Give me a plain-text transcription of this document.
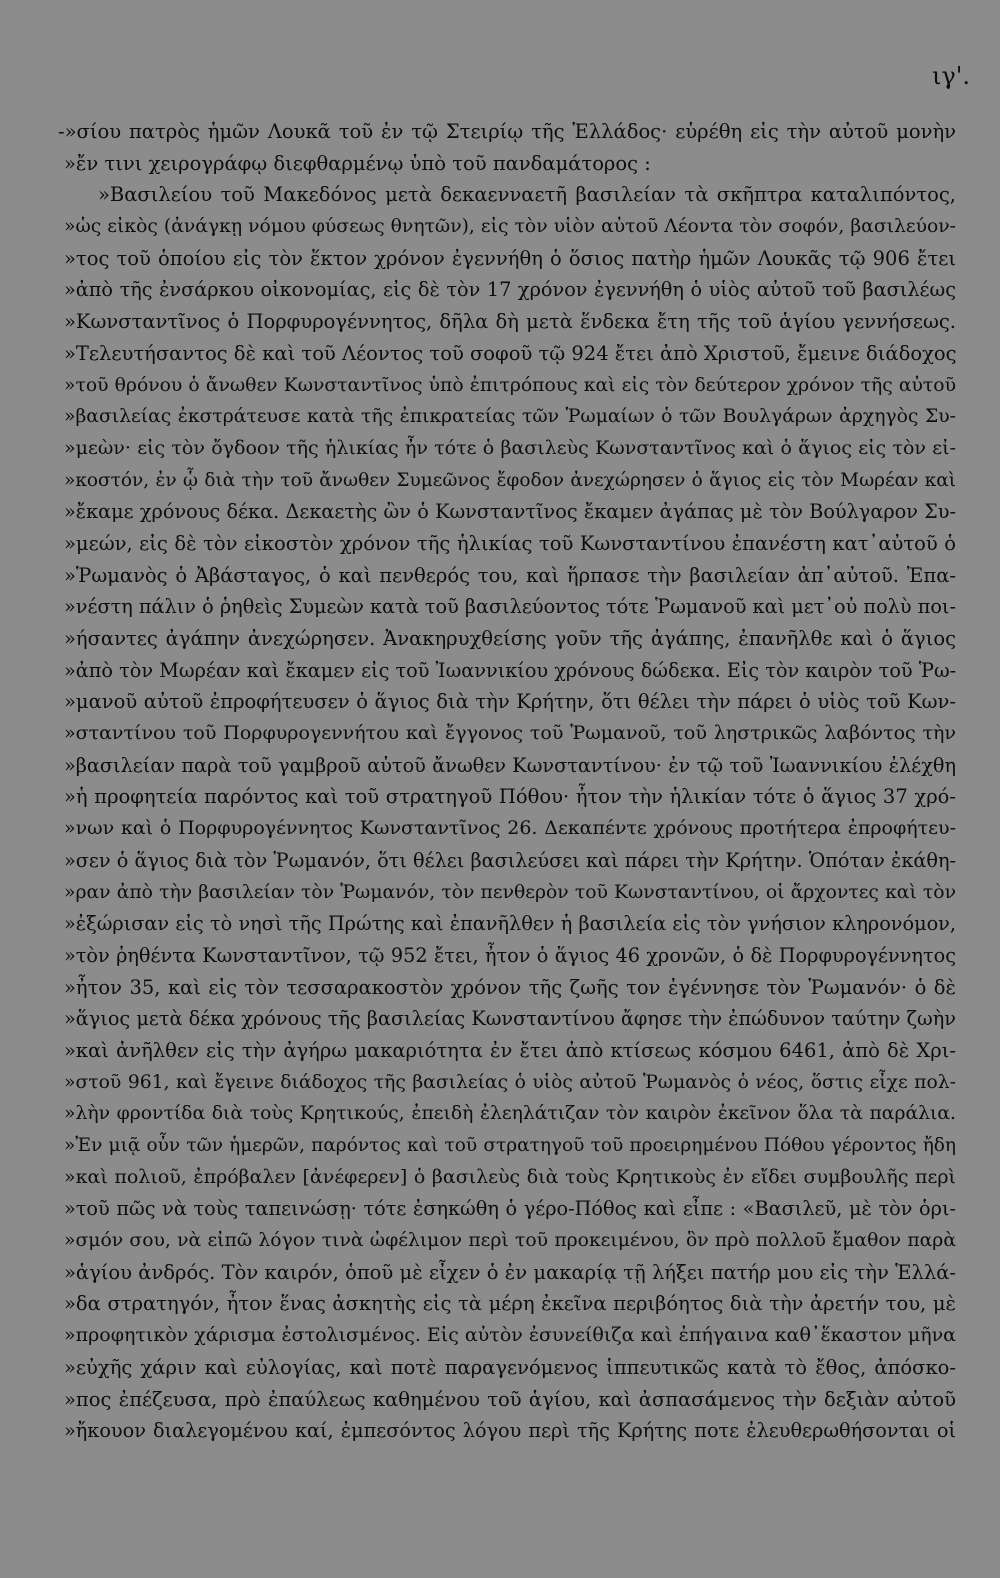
ιγ'.
-»σίου πατρὸς ἡμῶν Λουκᾶ τοῦ ἐν τῷ Στειρίῳ τῆς Ἑλλάδος· εὑρέθη εἰς τὴν αὐτοῦ μονὴν
»ἔν τινι χειρογράφῳ διεφθαρμένῳ ὑπὸ τοῦ πανδαμάτορος :
»Βασιλείου τοῦ Μακεδόνος μετὰ δεκαενναετῆ βασιλείαν τὰ σκῆπτρα καταλιπόντος,
»ὡς εἰκὸς (ἀνάγκῃ νόμου φύσεως θνητῶν), εἰς τὸν υἱὸν αὐτοῦ Λέοντα τὸν σοφόν, βασιλεύον-
»τος τοῦ ὁποίου εἰς τὸν ἕκτον χρόνον ἐγεννήθη ὁ ὅσιος πατὴρ ἡμῶν Λουκᾶς τῷ 906 ἔτει
»ἀπὸ τῆς ἐνσάρκου οἰκονομίας, εἰς δὲ τὸν 17 χρόνον ἐγεννήθη ὁ υἱὸς αὐτοῦ τοῦ βασιλέως
»Κωνσταντῖνος ὁ Πορφυρογέννητος, δῆλα δὴ μετὰ ἕνδεκα ἔτη τῆς τοῦ ἁγίου γεννήσεως.
»Τελευτήσαντος δὲ καὶ τοῦ Λέοντος τοῦ σοφοῦ τῷ 924 ἔτει ἀπὸ Χριστοῦ, ἔμεινε διάδοχος
»τοῦ θρόνου ὁ ἄνωθεν Κωνσταντῖνος ὑπὸ ἐπιτρόπους καὶ εἰς τὸν δεύτερον χρόνον τῆς αὐτοῦ
»βασιλείας ἐκστράτευσε κατὰ τῆς ἐπικρατείας τῶν Ῥωμαίων ὁ τῶν Βουλγάρων ἀρχηγὸς Συ-
»μεὼν· εἰς τὸν ὄγδοον τῆς ἡλικίας ἦν τότε ὁ βασιλεὺς Κωνσταντῖνος καὶ ὁ ἅγιος εἰς τὸν εἰ-
»κοστόν, ἐν ᾧ διὰ τὴν τοῦ ἄνωθεν Συμεῶνος ἔφοδον ἀνεχώρησεν ὁ ἅγιος εἰς τὸν Μωρέαν καὶ
»ἔκαμε χρόνους δέκα. Δεκαετὴς ὢν ὁ Κωνσταντῖνος ἔκαμεν ἀγάπας μὲ τὸν Βούλγαρον Συ-
»μεών, εἰς δὲ τὸν εἰκοστὸν χρόνον τῆς ἡλικίας τοῦ Κωνσταντίνου ἐπανέστη κατ᾽αὐτοῦ ὁ
»Ῥωμανὸς ὁ Ἀβάσταγος, ὁ καὶ πενθερός του, καὶ ἥρπασε τὴν βασιλείαν ἀπ᾽αὐτοῦ. Ἐπα-
»νέστη πάλιν ὁ ῥηθεὶς Συμεὼν κατὰ τοῦ βασιλεύοντος τότε Ῥωμανοῦ καὶ μετ᾽οὐ πολὺ ποι-
»ήσαντες ἀγάπην ἀνεχώρησεν. Ἀνακηρυχθείσης γοῦν τῆς ἀγάπης, ἐπανῆλθε καὶ ὁ ἅγιος
»ἀπὸ τὸν Μωρέαν καὶ ἔκαμεν εἰς τοῦ Ἰωαννικίου χρόνους δώδεκα. Εἰς τὸν καιρὸν τοῦ Ῥω-
»μανοῦ αὐτοῦ ἐπροφήτευσεν ὁ ἅγιος διὰ τὴν Κρήτην, ὅτι θέλει τὴν πάρει ὁ υἱὸς τοῦ Κων-
»σταντίνου τοῦ Πορφυρογεννήτου καὶ ἔγγονος τοῦ Ῥωμανοῦ, τοῦ ληστρικῶς λαβόντος τὴν
»βασιλείαν παρὰ τοῦ γαμβροῦ αὐτοῦ ἄνωθεν Κωνσταντίνου· ἐν τῷ τοῦ Ἰωαννικίου ἐλέχθη
»ἡ προφητεία παρόντος καὶ τοῦ στρατηγοῦ Πόθου· ἦτον τὴν ἡλικίαν τότε ὁ ἅγιος 37 χρό-
»νων καὶ ὁ Πορφυρογέννητος Κωνσταντῖνος 26. Δεκαπέντε χρόνους προτήτερα ἐπροφήτευ-
»σεν ὁ ἅγιος διὰ τὸν Ῥωμανόν, ὅτι θέλει βασιλεύσει καὶ πάρει τὴν Κρήτην. Ὁπόταν ἐκάθη-
»ραν ἀπὸ τὴν βασιλείαν τὸν Ῥωμανόν, τὸν πενθερὸν τοῦ Κωνσταντίνου, οἱ ἄρχοντες καὶ τὸν
»ἐξώρισαν εἰς τὸ νησὶ τῆς Πρώτης καὶ ἐπανῆλθεν ἡ βασιλεία εἰς τὸν γνήσιον κληρονόμον,
»τὸν ῥηθέντα Κωνσταντῖνον, τῷ 952 ἔτει, ἦτον ὁ ἅγιος 46 χρονῶν, ὁ δὲ Πορφυρογέννητος
»ἦτον 35, καὶ εἰς τὸν τεσσαρακοστὸν χρόνον τῆς ζωῆς τον ἐγέννησε τὸν Ῥωμανόν· ὁ δὲ
»ἅγιος μετὰ δέκα χρόνους τῆς βασιλείας Κωνσταντίνου ἄφησε τὴν ἐπώδυνον ταύτην ζωὴν
»καὶ ἀνῆλθεν εἰς τὴν ἀγήρω μακαριότητα ἐν ἔτει ἀπὸ κτίσεως κόσμου 6461, ἀπὸ δὲ Χρι-
»στοῦ 961, καὶ ἔγεινε διάδοχος τῆς βασιλείας ὁ υἱὸς αὐτοῦ Ῥωμανὸς ὁ νέος, ὅστις εἶχε πολ-
»λὴν φροντίδα διὰ τοὺς Κρητικούς, ἐπειδὴ ἐλεηλάτιζαν τὸν καιρὸν ἐκεῖνον ὅλα τὰ παράλια.
»Ἐν μιᾷ οὖν τῶν ἡμερῶν, παρόντος καὶ τοῦ στρατηγοῦ τοῦ προειρημένου Πόθου γέροντος ἤδη
»καὶ πολιοῦ, ἐπρόβαλεν [ἀνέφερεν] ὁ βασιλεὺς διὰ τοὺς Κρητικοὺς ἐν εἴδει συμβουλῆς περὶ
»τοῦ πῶς νὰ τοὺς ταπεινώσῃ· τότε ἐσηκώθη ὁ γέρο-Πόθος καὶ εἶπε : «Βασιλεῦ, μὲ τὸν ὁρι-
»σμόν σου, νὰ εἰπῶ λόγον τινὰ ὠφέλιμον περὶ τοῦ προκειμένου, ὃν πρὸ πολλοῦ ἔμαθον παρὰ
»ἁγίου ἀνδρός. Τὸν καιρόν, ὁποῦ μὲ εἶχεν ὁ ἐν μακαρίᾳ τῇ λήξει πατήρ μου εἰς τὴν Ἑλλά-
»δα στρατηγόν, ἦτον ἕνας ἀσκητὴς εἰς τὰ μέρη ἐκεῖνα περιβόητος διὰ τὴν ἀρετήν του, μὲ
»προφητικὸν χάρισμα ἐστολισμένος. Εἰς αὐτὸν ἐσυνείθιζα καὶ ἐπήγαινα καθ᾽ἕκαστον μῆνα
»εὐχῆς χάριν καὶ εὐλογίας, καὶ ποτὲ παραγενόμενος ἱππευτικῶς κατὰ τὸ ἔθος, ἀπόσκο-
»πος ἐπέζευσα, πρὸ ἐπαύλεως καθημένου τοῦ ἁγίου, καὶ ἀσπασάμενος τὴν δεξιὰν αὐτοῦ
»ἤκουον διαλεγομένου καί, ἐμπεσόντος λόγου περὶ τῆς Κρήτης ποτε ἐλευθερωθήσονται οἱ
